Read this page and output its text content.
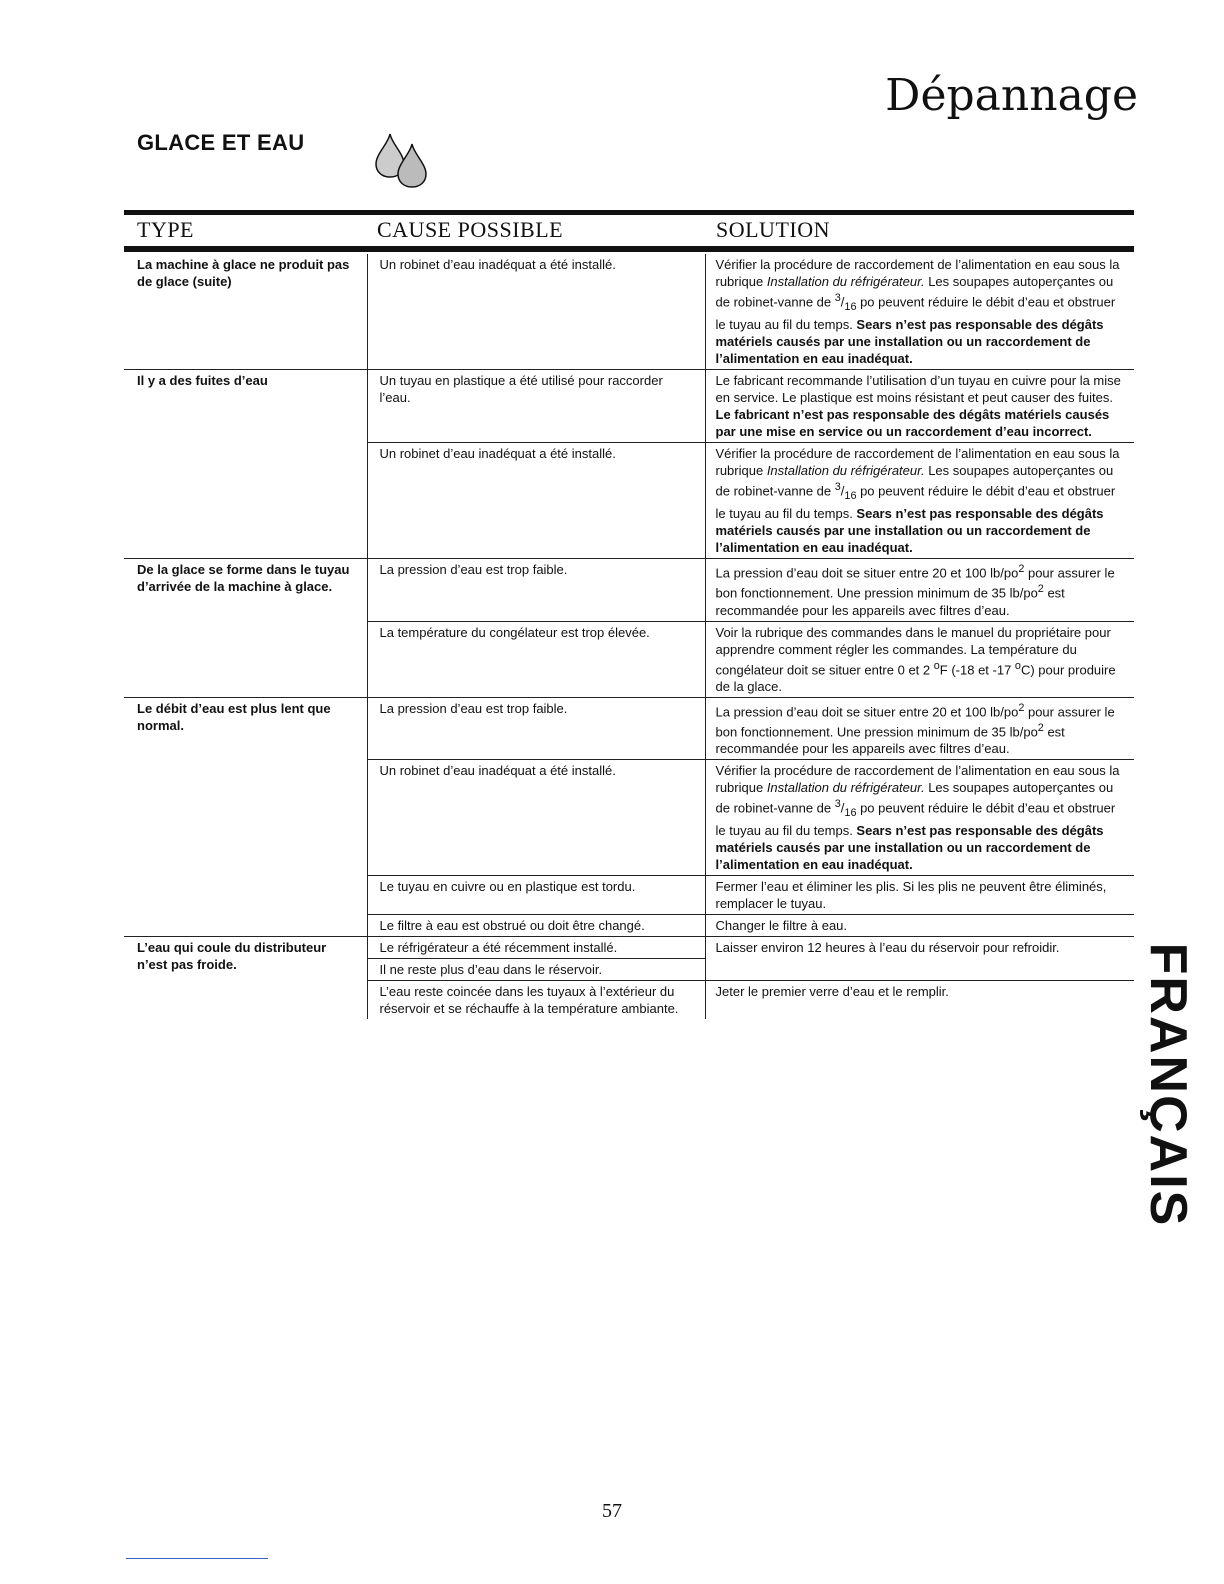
Dépannage
GLACE ET EAU
TYPE	CAUSE POSSIBLE	SOLUTION
La machine à glace ne produit pas de glace (suite)	Un robinet d’eau inadéquat a été installé.	Vérifier la procédure de raccordement de l’alimentation en eau sous la rubrique Installation du réfrigérateur. Les soupapes autoperçantes ou de robinet-vanne de $^3/_{16}$ po peuvent réduire le débit d’eau et obstruer le tuyau au fil du temps. Sears n’est pas responsable des dégâts matériels causés par une installation ou un raccordement de l’alimentation en eau inadéquat.
Il y a des fuites d’eau	Un tuyau en plastique a été utilisé pour raccorder l’eau.	Le fabricant recommande l’utilisation d’un tuyau en cuivre pour la mise en service. Le plastique est moins résistant et peut causer des fuites. Le fabricant n’est pas responsable des dégâts matériels causés par une mise en service ou un raccordement d’eau incorrect.
	Un robinet d’eau inadéquat a été installé.	Vérifier la procédure de raccordement de l’alimentation en eau sous la rubrique Installation du réfrigérateur. Les soupapes autoperçantes ou de robinet-vanne de $^3/_{16}$ po peuvent réduire le débit d’eau et obstruer le tuyau au fil du temps. Sears n’est pas responsable des dégâts matériels causés par une installation ou un raccordement de l’alimentation en eau inadéquat.
De la glace se forme dans le tuyau d’arrivée de la machine à glace.	La pression d’eau est trop faible.	La pression d’eau doit se situer entre 20 et 100 $lb/po^2$ pour assurer le bon fonctionnement. Une pression minimum de 35 $lb/po^2$ est recommandée pour les appareils avec filtres d’eau.
	La température du congélateur est trop élevée.	Voir la rubrique des commandes dans le manuel du propriétaire pour apprendre comment régler les commandes. La température du congélateur doit se situer entre 0 et 2 $^o$F (-18 et -17 $^o$C) pour produire de la glace.
Le débit d’eau est plus lent que normal.	La pression d’eau est trop faible.	La pression d’eau doit se situer entre 20 et 100 $lb/po^2$ pour assurer le bon fonctionnement. Une pression minimum de 35 $lb/po^2$ est recommandée pour les appareils avec filtres d’eau.
	Un robinet d’eau inadéquat a été installé.	Vérifier la procédure de raccordement de l’alimentation en eau sous la rubrique Installation du réfrigérateur. Les soupapes autoperçantes ou de robinet-vanne de $^3/_{16}$ po peuvent réduire le débit d’eau et obstruer le tuyau au fil du temps. Sears n’est pas responsable des dégâts matériels causés par une installation ou un raccordement de l’alimentation en eau inadéquat.
	Le tuyau en cuivre ou en plastique est tordu.	Fermer l’eau et éliminer les plis. Si les plis ne peuvent être éliminés, remplacer le tuyau.
	Le filtre à eau est obstrué ou doit être changé.	Changer le filtre à eau.
L’eau qui coule du distributeur n’est pas froide.	Le réfrigérateur a été récemment installé.	Laisser environ 12 heures à l’eau du réservoir pour refroidir.
	Il ne reste plus d’eau dans le réservoir.	
	L’eau reste coincée dans les tuyaux à l’extérieur du réservoir et se réchauffe à la température ambiante.	Jeter le premier verre d’eau et le remplir.	FRANÇAIS
57
